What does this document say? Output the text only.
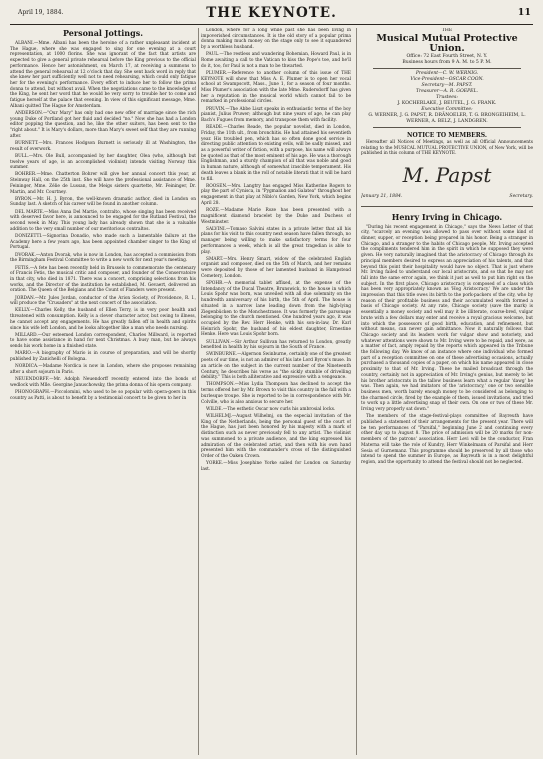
April 19, 1884.	THE KEYNOTE.	11
Personal Jottings.

ALBANI.—Mme. Albani has been the heroine of a rather unpleasant incident at The Hague, where she was engaged to sing for one evening at a court representation, at 1000 florins. She was ignorant of the fact that artists are expected to give a general private rehearsal before the King previous to the official performance. Hence her astonishment, on March 17, at receiving a summons to attend the general rehearsal at 12 o'clock that day. She sent back word in reply that she knew her part sufficiently well not to need rehearsing, which could only fatigue her for the evening's performance. Every effort to induce her to follow the prima donna to attend, but without avail. When the negotiations came to the knowledge of the King, he sent her word that he would be very sorry to trouble her to come and fatigue herself at the palace that evening. In view of this significant message, Mme. Albani quitted The Hague for Amsterdam.

ANDERSON.—"Our Mary" has only had one new offer of marriage since the rich young Duke of Portland got her fluid and decided "no." Now she has had a London editor popping the question, and he, like the other suitors, has been sent to the "right about." It is Mary's dollars, more than Mary's sweet self that they are running after.

BURNETT.—Mrs. Frances Hodgson Burnett is seriously ill at Washington, the result of overwork.

BULL.—Mrs. Ole Bull, accompanied by her daughter, Olea (who, although but twelve years of age, is an accomplished violinist) intends visiting Norway this summer.

BOHRER.—Mme. Chatterton Bohrer will give her annual concert this year, at Steinway Hall, on the 25th inst. She will have the professional assistance of Mme. Feininger, Mme. Zélie de Lussan, the Meigs sisters quartette, Mr. Feininger, Dr. Martin, and Mr. Courtney.

BYRON.—Mr. H. J. Byron, the well-known dramatic author, died in London on Sunday last. A sketch of his career will be found in another column.

DEL MARTE.—Miss Anna Del Martie, contralto, whose singing has been received with deserved favor here, is announced to be engaged for the Rutland Festival, the second week in May. This young lady has already shown that she is a valuable addition to the very small number of our meritorious contraltos.

DONIZETTI.—Signorina Donadio, who made such a lamentable failure at the Academy here a few years ago, has been appointed chamber singer to the King of Portugal.

DVORAK.—Anton Dvorak, who is now in London, has accepted a commission from the Birmingham Festival Committee to write a new work for next year's meeting.

FETIS.—A fete has been recently held in Brussels to commemorate the centenary of Francis Fetis, the musical critic and composer, and founder of the Conservatoire in that city, who died in 1871. There was a concert, comprising selections from his works, and the Director of the institution he established, M. Gevaert, delivered an oration. The Queen of the Belgians and the Count of Flanders were present.

JORDAN.—Mr. Jules Jordan, conductor of the Arion Society, of Providence, R. I., will produce the "Crusaders" at the next concert of the association.

KELLY.—Charles Kelly, the husband of Ellen Terry, is in very poor health and threatened with consumption. Kelly is a clever character actor, but owing to illness, he cannot accept any engagements. He has greatly fallen off in health and spirits since his wife left London, and he looks altogether like a man who needs nursing.

MILLARD.—Our esteemed London correspondent, Charles Millward, is reported to have some assistance in hand for next Christmas. A busy man, but he always sends his work home in a finished state.

MARIO.—A biography of Mario is in course of preparation, and will be shortly published by Zanichelli of Bologna.

NORDICA.—Madame Nordica is now in London, where she proposes remaining after a short sojourn in Paris.

NEUENDORFF.—Mr. Adolph Neuendorff recently entered into the bonds of wedlock with Mlle. Georgine Januschowsky, the prima donna of his opera company.

PHONOGRAPH.—Piccolomini, who used to be so popular with opera-goers in this country as Patti, is about to benefit by a testimonial concert to be given to her in

London, where for a long while past she has been living in impoverished circumstances. It is the old story of a popular prima donna making much money on the stage only to see it squandered by a worthless husband.

PAUL.—The restless and wandering Bohemian, Howard Paul, is in Rome awaiting a call to the Vatican to kiss the Pope's toe, and he'll do it, too, for Paul is not a man to be thwarted.

PLUMER.—Reference to another column of this issue of THE KEYNOTE will show that Miss A. E. Plumer is to open her vocal school at Swampscott, Mass., June 1, for a season of four months. Miss Plumer's association with the late Mme. Rudersdorff has given her a reputation in the musical world which cannot fail to be remarked in professional circles.

PRUVIN.—The Abbe Liszt speaks in enthusiastic terms of the boy pianist, Julius Pruwer; although but nine years of age, he can play Bach's Fugues from memory, and transpose them with facility.

READE.—Charles Reade, the popular novelist, died in London, Friday, the 11th ult., from bronchitis. He had attained his seventieth year. His troubled pen, which has so often done good service in directing public attention to existing evils, will be sadly missed, and as a powerful writer of fiction, with a purpose, his name will always be quoted as that of the most eminent of his age. He was a thorough Englishman, and a sturdy champion of all that was noble and good in human nature, although of somewhat irascible temperament. His death leaves a blank in the roll of notable literati that it will be hard to fill.

ROOSEN.—Mrs. Langtry has engaged Miss Katherine Rogers to play the part of Cynisca, in "Pygmalion and Galatea" throughout her engagement in that play at Niblo's Garden, New York, which begins April 28.

ROZE.—Madame Marie Roze has been presented with a magnificent diamond bracelet by the Duke and Duchess of Westminster.

SALVINI.—Tomaso Salvini states in a private letter that all his plans for his visit to this country next season have fallen through, no manager being willing to make satisfactory terms for four performances a week, which is all the great tragedian is able to play.

SMART.—Mrs. Henry Smart, widow of the celebrated English organist and composer, died on the 5th of March, and her remains were deposited by those of her lamented husband in Hampstead Cemetery, London.

SPOHR.—A memorial tablet affixed, at the expense of the Intendancy of the Ducal Theatre, Brunswick, to the house in which Louis Spohr was born, was unveiled with all due solemnity on the hundredth anniversary of his birth, the 5th of April. The house is situated in a narrow lane leading down from the high-lying Ziegenbücken to the Monchestrasse. It was formerly the parsonage belonging to the church mentioned. One hundred years ago, it was occupied by the Rev. Herr Henke, with his son-in-law, Dr. Karl Heinrich Spohr, the husband of his eldest daughter, Ernestine Henke. Here was Louis Spohr born.

SULLIVAN.—Sir Arthur Sullivan has returned to London, greatly benefited in health by his sojourn in the South of France.

SWINBURNE.—Algernon Swinburne, certainly one of the greatest poets of our time, is not an admirer of his late Lord Byron's muse. In an article on the subject in the current number of the Nineteenth Century, he describes his verse as "the sickly stumble of drivelling debility." This is both alliterative and expressive with a vengeance.

THOMPSON.—Miss Lydia Thompson has declined to accept the terms offered her by Mr. Brown to visit this country in the fall with a burlesque troupe. She is reported to be in correspondence with Mr. Colville, who is also anxious to secure her.

WILDE.—The esthetic Oscar now curls his ambrosial locks.

WILHELMJ.—August Wilhelmj, on the especial invitation of the King of the Netherlands, being the personal guest of the court of the Hague, has just been honored by his majesty with a mark of distinction such as never previously fell to any artist. The violinist was summoned to a private audience, and the king expressed his admiration of the celebrated artist, and then with his own hand presented him with the commander's cross of the distinguished Order of the Oaken Crown.

YORKE.—Miss Josephine Yorke sailed for London on Saturday last.

THE

Musical Mutual Protective Union.

Office: 72 East Fourth Street, N. Y.

Business hours from 9 A. M. to 5 P. M.

President—C. W. WERNIG.

Vice-President—OSCAR COON.

Secretary—M. PAPST.

Treasurer—A. R. GOEPEL.

Trustees:

J. KOCHERLAKE, J. BEUTEL, J. G. FRANK.

Executive Committee:

G. WERNER, J. G. PAPST, R. DRÄNOELER, T. G. BRONGEIHEIM, L. WERNER, A. BELZ, J. LANDGREN.

NOTICE TO MEMBERS.

Hereafter all Notices of Meetings, as well as all Official Announcements relating to the MUSICAL MUTUAL PROTECTIVE UNION, of New York, will be published in this column of THE KEYNOTE.

M. Papst
January 21, 1884.	Secretary.
Henry Irving in Chicago.

"During his recent engagement in Chicago," says the News Letter of that city, "scarcely an evening was allowed to pass over without some kind of dinner, supper, or reception being prepared in his honor. Being a stranger in Chicago, and a stranger to the habits of Chicago people, Mr. Irving accepted the compliments tendered him in the spirit in which he supposed they were given. He very naturally imagined that the aristocracy of Chicago through its principal members desired to express an appreciation of his talents, and that beyond this point their hospitality would have no object. That is just where Mr. Irving failed to understand our local aristocrats, and so that he may not fall into the same error again, we think it just as well to put him right on the subject. In the first place, Chicago aristocracy is composed of a class which has been very appropriately known as 'Hog Aristocracy.' We are under the impression that this title owes its birth to the pork-packers of the city, who by reason of their profitable business and their accumulated wealth formed a basis of Chicago society. At any rate, Chicago society (save the mark) is essentially a money society and well may it be illiterate, coarse-bred, vulgar brute with a few dollars may enter and receive a royal gracious welcome, but into which the possessors of good birth, education, and refinement, but without means, can never gain admittance. Now it naturally follows that Chicago society and its leaders work for vulgar show and notoriety, and whatever attentions were shown to Mr. Irving were to be repaid, and were, as a matter of fact, amply repaid by the reports which appeared in the Tribune the following day. We know of an instance where one individual who formed part of a reception committee on one of these advertising occasions, actually purchased a thousand copies of a paper, on which his name appeared in close proximity to that of Mr. Irving. These he mailed broadcast through the country, certainly not in appreciation of Mr. Irving's genius, but merely to let his brother aristocrats in the tallow business learn what a regular 'dawg' he was. Then again, we had imitators of the 'aristocracy,' one or two sensible business men, worth barely enough money to be considered as belonging to the charmed circle, fired by the example of them, issued invitations, and tried to work up a little advertising snap of their own. On one or two of these Mr. Irving very properly sat down."

The members of the stage-festival-plays committee of Bayreuth have published a statement of their arrangements for the present year. There will be ten performances of "Parsifal," beginning June 2 and continuing every other day up to August 8. The price of admission will be 20 marks for non-members of the patrons' association. Herr Levi will be the conductor, Fran Materna will take the role of Kundry, Herr Winkelmann of Parsifal and Herr Sesia of Gurnemanz. This programme should be preserved by all those who intend to spend the summer in Europe, as Bayreuth is in a most delightful region, and the opportunity to attend the festival should not be neglected.
